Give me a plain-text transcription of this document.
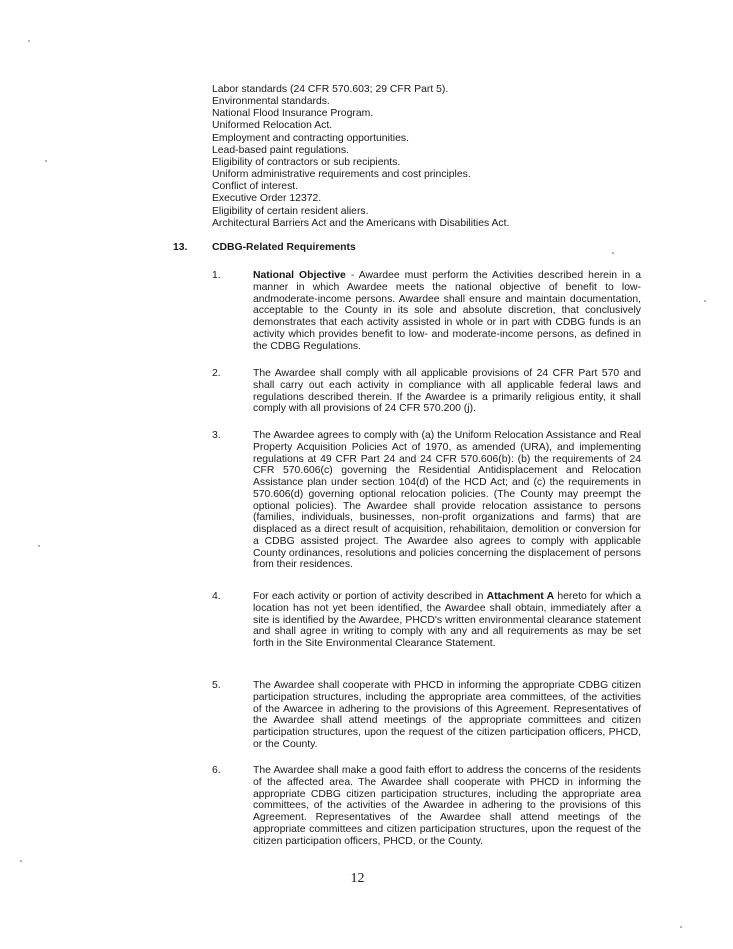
Labor standards (24 CFR 570.603; 29 CFR Part 5).
Environmental standards.
National Flood Insurance Program.
Uniformed Relocation Act.
Employment and contracting opportunities.
Lead-based paint regulations.
Eligibility of contractors or sub recipients.
Uniform administrative requirements and cost principles.
Conflict of interest.
Executive Order 12372.
Eligibility of certain resident aliers.
Architectural Barriers Act and the Americans with Disabilities Act.
13. CDBG-Related Requirements
1.	National Objective - Awardee must perform the Activities described herein in a manner in which Awardee meets the national objective of benefit to low-andmoderate-income persons. Awardee shall ensure and maintain documentation, acceptable to the County in its sole and absolute discretion, that conclusively demonstrates that each activity assisted in whole or in part with CDBG funds is an activity which provides benefit to low- and moderate-income persons, as defined in the CDBG Regulations.
2.	The Awardee shall comply with all applicable provisions of 24 CFR Part 570 and shall carry out each activity in compliance with all applicable federal laws and regulations described therein. If the Awardee is a primarily religious entity, it shall comply with all provisions of 24 CFR 570.200 (j).
3.	The Awardee agrees to comply with (a) the Uniform Relocation Assistance and Real Property Acquisition Policies Act of 1970, as amended (URA), and implementing regulations at 49 CFR Part 24 and 24 CFR 570.606(b): (b) the requirements of 24 CFR 570.606(c) governing the Residential Antidisplacement and Relocation Assistance plan under section 104(d) of the HCD Act; and (c) the requirements in 570.606(d) governing optional relocation policies. (The County may preempt the optional policies). The Awardee shall provide relocation assistance to persons (families, individuals, businesses, non-profit organizations and farms) that are displaced as a direct result of acquisition, rehabilitaion, demolition or conversion for a CDBG assisted project. The Awardee also agrees to comply with applicable County ordinances, resolutions and policies concerning the displacement of persons from their residences.
4.	For each activity or portion of activity described in Attachment A hereto for which a location has not yet been identified, the Awardee shall obtain, immediately after a site is identified by the Awardee, PHCD's written environmental clearance statement and shall agree in writing to comply with any and all requirements as may be set forth in the Site Environmental Clearance Statement.
5.	The Awardee shall cooperate with PHCD in informing the appropriate CDBG citizen participation structures, including the appropriate area committees, of the activities of the Awarcee in adhering to the provisions of this Agreement. Representatives of the Awardee shall attend meetings of the appropriate committees and citizen participation structures, upon the request of the citizen participation officers, PHCD, or the County.
6.	The Awardee shall make a good faith effort to address the concerns of the residents of the affected area. The Awardee shall cooperate with PHCD in informing the appropriate CDBG citizen participation structures, including the appropriate area committees, of the activities of the Awardee in adhering to the provisions of this Agreement. Representatives of the Awardee shall attend meetings of the appropriate committees and citizen participation structures, upon the request of the citizen participation officers, PHCD, or the County.
12
